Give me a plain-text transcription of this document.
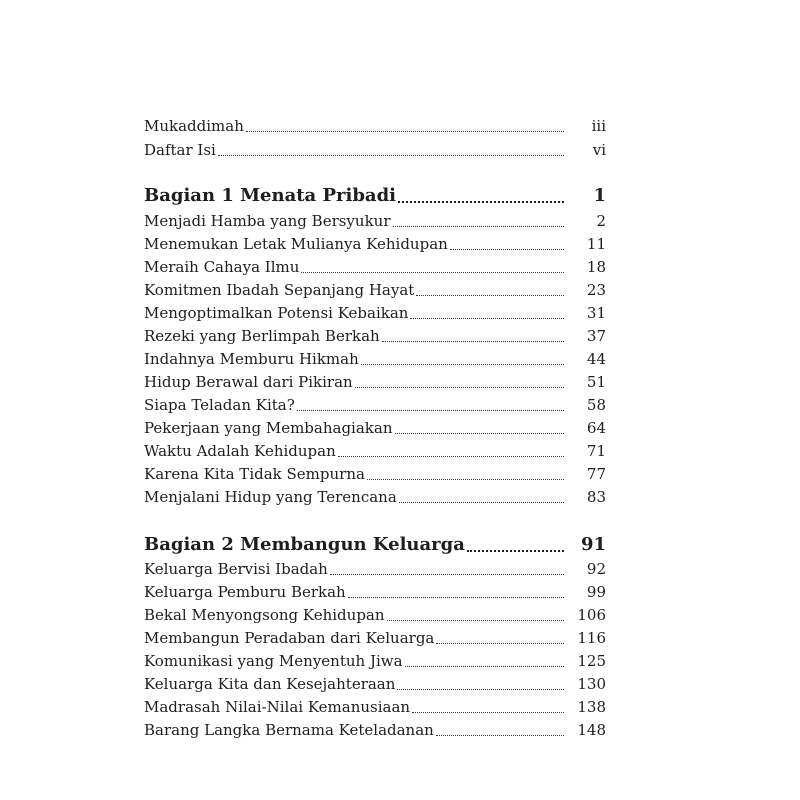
Mukaddimah	iii
Daftar Isi	vi
Bagian 1 Menata Pribadi	1
Menjadi Hamba yang Bersyukur	2
Menemukan Letak Mulianya Kehidupan	11
Meraih Cahaya Ilmu	18
Komitmen Ibadah Sepanjang Hayat	23
Mengoptimalkan Potensi Kebaikan	31
Rezeki yang Berlimpah Berkah	37
Indahnya Memburu Hikmah	44
Hidup Berawal dari Pikiran	51
Siapa Teladan Kita?	58
Pekerjaan yang Membahagiakan	64
Waktu Adalah Kehidupan	71
Karena Kita Tidak Sempurna	77
Menjalani Hidup yang Terencana	83
Bagian 2 Membangun Keluarga	91
Keluarga Bervisi Ibadah	92
Keluarga Pemburu Berkah	99
Bekal Menyongsong Kehidupan	106
Membangun Peradaban dari Keluarga	116
Komunikasi yang Menyentuh Jiwa	125
Keluarga Kita dan Kesejahteraan	130
Madrasah Nilai-Nilai Kemanusiaan	138
Barang Langka Bernama Keteladanan	148
